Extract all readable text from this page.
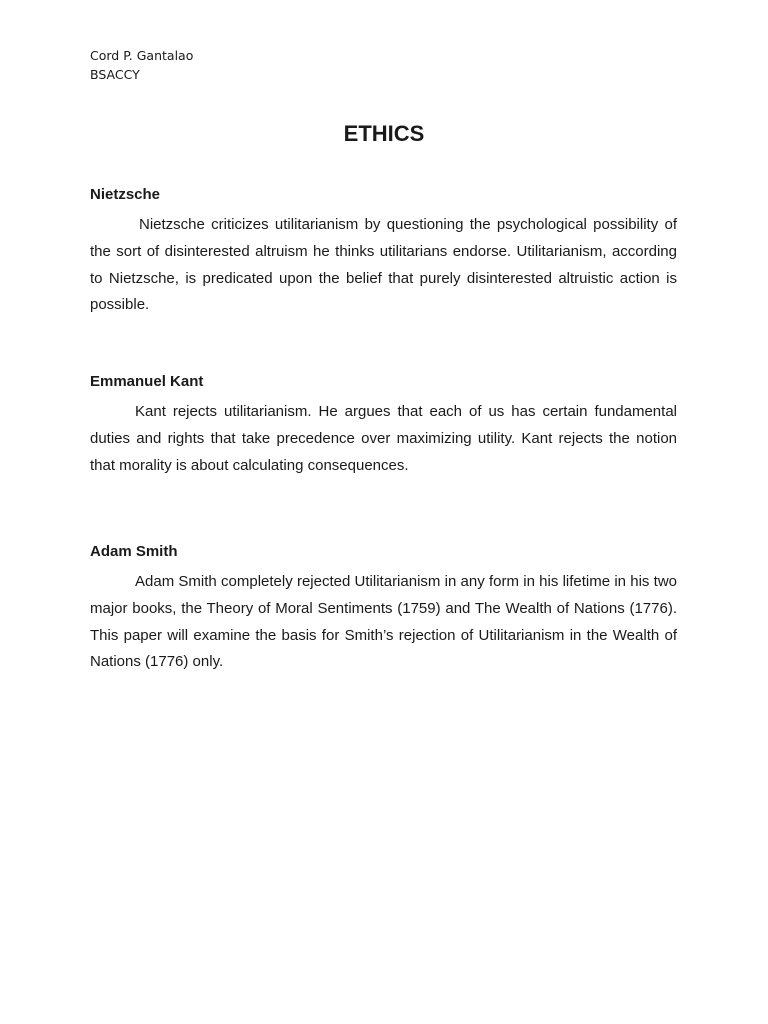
Cord P. Gantalao
BSACCY
ETHICS
Nietzsche

Nietzsche criticizes utilitarianism by questioning the psychological possibility of the sort of disinterested altruism he thinks utilitarians endorse. Utilitarianism, according to Nietzsche, is predicated upon the belief that purely disinterested altruistic action is possible.

Emmanuel Kant

Kant rejects utilitarianism. He argues that each of us has certain fundamental duties and rights that take precedence over maximizing utility. Kant rejects the notion that morality is about calculating consequences.

Adam Smith

Adam Smith completely rejected Utilitarianism in any form in his lifetime in his two major books, the Theory of Moral Sentiments (1759) and The Wealth of Nations (1776). This paper will examine the basis for Smith’s rejection of Utilitarianism in the Wealth of Nations (1776) only.
